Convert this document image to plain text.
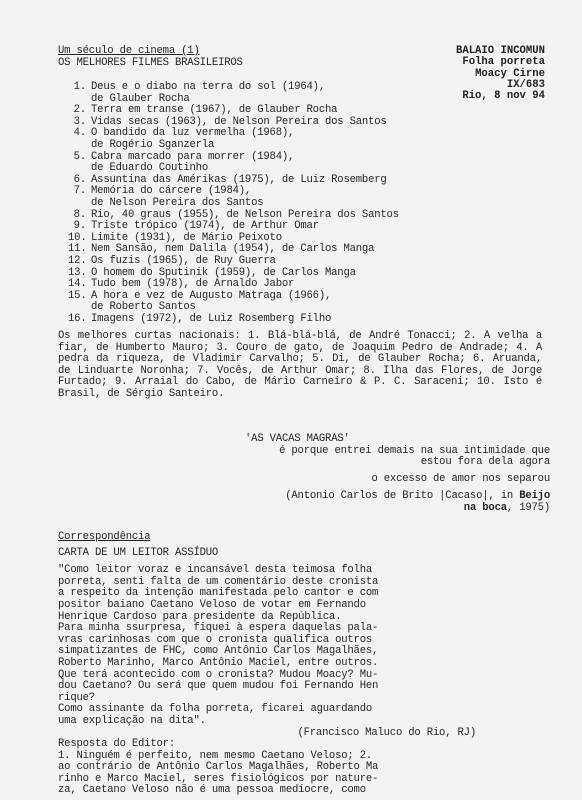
Um século de cinema (1)
OS MELHORES FILMES BRASILEIROS
BALAIO INCOMUN
Folha porreta
Moacy Cirne
IX/683
Rio, 8 nov 94
1. Deus e o diabo na terra do sol (1964),
de Glauber Rocha
2. Terra em transe (1967), de Glauber Rocha
3. Vidas secas (1963), de Nelson Pereira dos Santos
4. O bandido da luz vermelha (1968),
de Rogério Sganzerla
5. Cabra marcado para morrer (1984),
de Eduardo Coutinho
6. Assuntina das Amérikas (1975), de Luiz Rosemberg
7. Memória do cárcere (1984),
de Nelson Pereira dos Santos
8. Rio, 40 graus (1955), de Nelson Pereira dos Santos
9. Triste trópico (1974), de Arthur Omar
10. Limite (1931), de Mário Peixoto
11. Nem Sansão, nem Dalila (1954), de Carlos Manga
12. Os fuzis (1965), de Ruy Guerra
13. O homem do Sputinik (1959), de Carlos Manga
14. Tudo bem (1978), de Arnaldo Jabor
15. A hora e vez de Augusto Matraga (1966),
de Roberto Santos
16. Imagens (1972), de Luiz Rosemberg Filho
Os melhores curtas nacionais: 1. Blá-blá-blá, de André Tonacci; 2. A velha a fiar, de Humberto Mauro; 3. Couro de gato, de Joaquim Pedro de Andrade; 4. A pedra da riqueza, de Vladimir Carvalho; 5. Di, de Glauber Rocha; 6. Aruanda, de Linduarte Noronha; 7. Vocês, de Arthur Omar; 8. Ilha das Flores, de Jorge Furtado; 9. Arraial do Cabo, de Mário Carneiro & P. C. Saraceni; 10. Isto é Brasil, de Sérgio Santeiro.
'AS VACAS MAGRAS'
é porque entrei demais na sua intimidade que
estou fora dela agora
o excesso de amor nos separou
(Antonio Carlos de Brito |Cacaso|, in Beijo
na boca, 1975)
Correspondência
CARTA DE UM LEITOR ASSÍDUO
"Como leitor voraz e incansável desta teimosa folha
porreta, senti falta de um comentário deste cronista
a respeito da intenção manifestada pelo cantor e com
positor baiano Caetano Veloso de votar em Fernando
Henrique Cardoso para presidente da República.
Para minha ssurpresa, fiquei à espera daquelas pala-
vras carinhosas com que o cronista qualifica outros
simpatizantes de FHC, como Antônio Carlos Magalhães,
Roberto Marinho, Marco Antônio Maciel, entre outros.
Que terá acontecido com o cronista? Mudou Moacy? Mu-
dou Caetano? Ou será que quem mudou foi Fernando Hen
rique?
Como assinante da folha porreta, ficarei aguardando
uma explicação na dita".
(Francisco Maluco do Rio, RJ)
Resposta do Editor:
1. Ninguém é perfeito, nem mesmo Caetano Veloso; 2.
ao contrário de Antônio Carlos Magalhães, Roberto Ma
rinho e Marco Maciel, seres fisiológicos por nature-
za, Caetano Veloso não é uma pessoa medíocre, como
